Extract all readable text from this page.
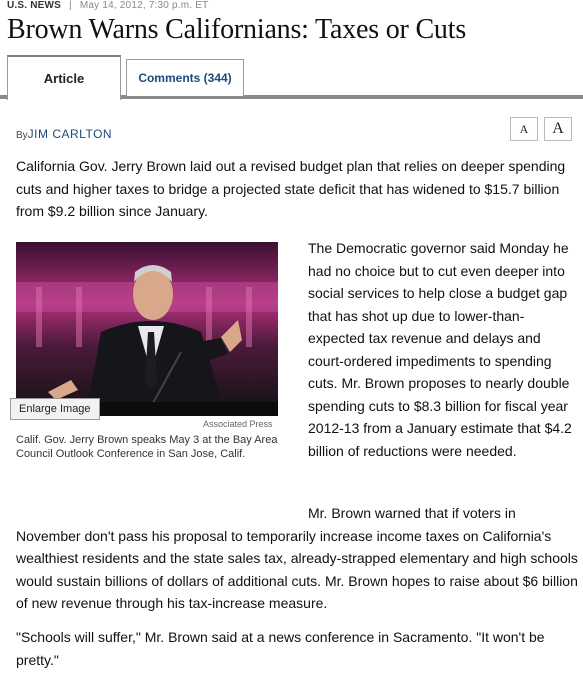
U.S. NEWS | May 14, 2012, 7:30 p.m. ET
Brown Warns Californians: Taxes or Cuts
Article	Comments (344)
ByJIM CARLTON	A	A

California Gov. Jerry Brown laid out a revised budget plan that relies on deeper spending cuts and higher taxes to bridge a projected state deficit that has widened to $15.7 billion from $9.2 billion since January.

Enlarge Image
Associated Press

Calif. Gov. Jerry Brown speaks May 3 at the Bay Area Council Outlook Conference in San Jose, Calif.

The Democratic governor said Monday he had no choice but to cut even deeper into social services to help close a budget gap that has shot up due to lower-than-expected tax revenue and delays and court-ordered impediments to spending cuts. Mr. Brown proposes to nearly double spending cuts to $8.3 billion for fiscal year 2012-13 from a January estimate that $4.2 billion of reductions were needed.

Mr. Brown warned that if voters in November don't pass his proposal to temporarily increase income taxes on California's wealthiest residents and the state sales tax, already-strapped elementary and high schools would sustain billions of dollars of additional cuts. Mr. Brown hopes to raise about $6 billion of new revenue through his tax-increase measure.

"Schools will suffer," Mr. Brown said at a news conference in Sacramento. "It won't be pretty."
